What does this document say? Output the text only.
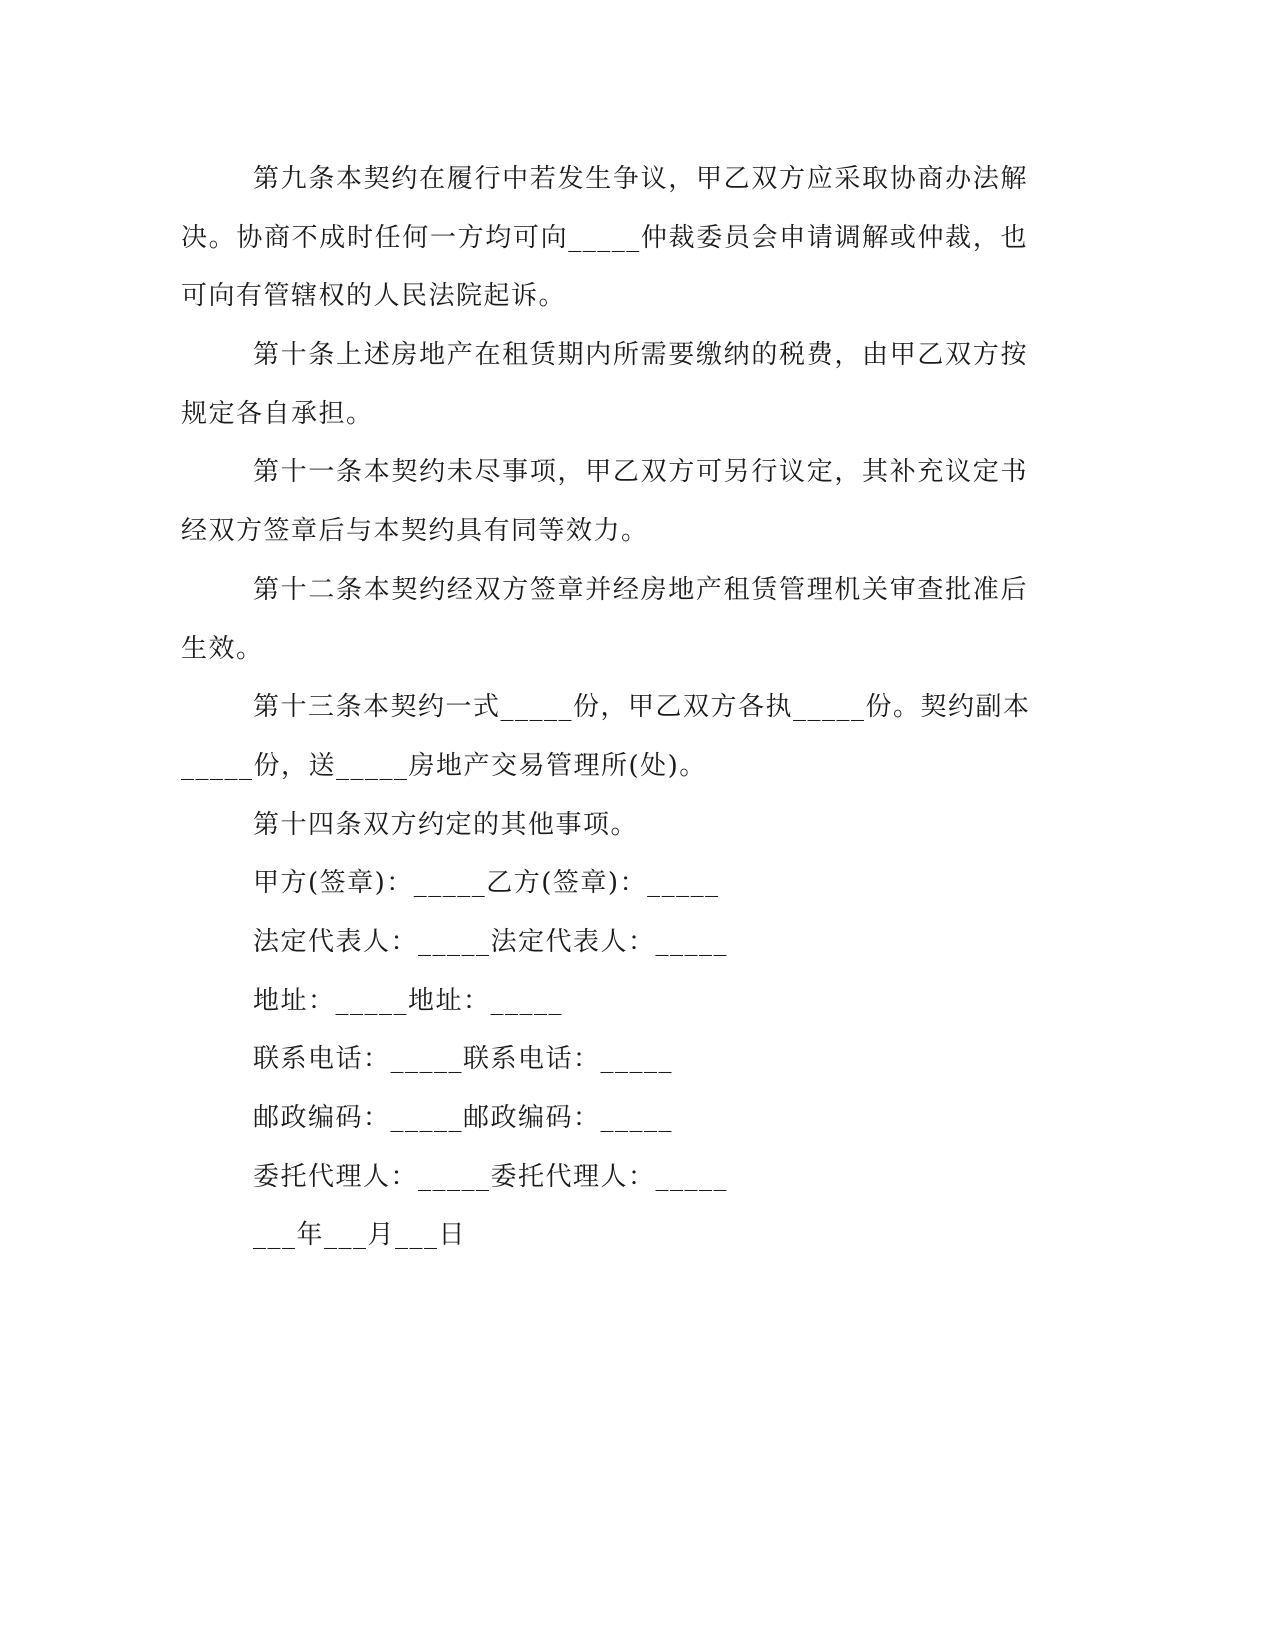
第九条本契约在履行中若发生争议，甲乙双方应采取协商办法解
决。协商不成时任何一方均可向_____仲裁委员会申请调解或仲裁，也
可向有管辖权的人民法院起诉。
第十条上述房地产在租赁期内所需要缴纳的税费，由甲乙双方按
规定各自承担。
第十一条本契约未尽事项，甲乙双方可另行议定，其补充议定书
经双方签章后与本契约具有同等效力。
第十二条本契约经双方签章并经房地产租赁管理机关审查批准后
生效。
第十三条本契约一式_____份，甲乙双方各执_____份。契约副本
_____份，送_____房地产交易管理所(处)。
第十四条双方约定的其他事项。
甲方(签章)：_____乙方(签章)：_____
法定代表人：_____法定代表人：_____
地址：_____地址：_____
联系电话：_____联系电话：_____
邮政编码：_____邮政编码：_____
委托代理人：_____委托代理人：_____
___年___月___日
